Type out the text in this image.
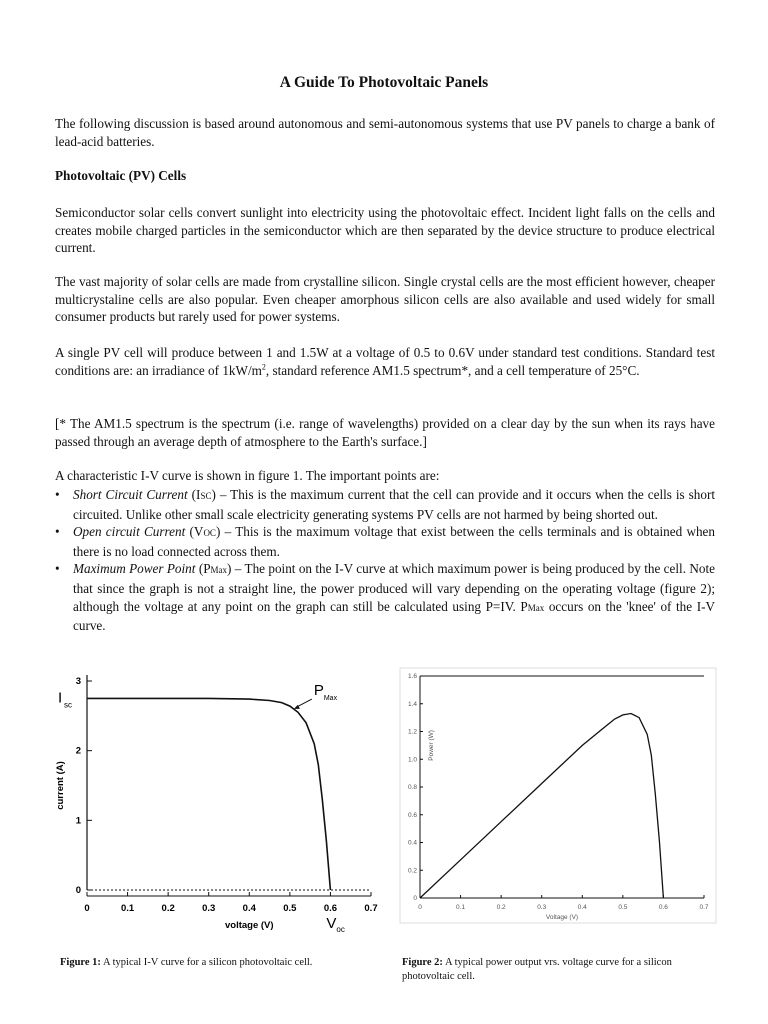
A Guide To Photovoltaic Panels

The following discussion is based around autonomous and semi-autonomous systems that use PV panels to charge a bank of lead-acid batteries.

Photovoltaic (PV) Cells

Semiconductor solar cells convert sunlight into electricity using the photovoltaic effect. Incident light falls on the cells and creates mobile charged particles in the semiconductor which are then separated by the device structure to produce electrical current.

The vast majority of solar cells are made from crystalline silicon. Single crystal cells are the most efficient however, cheaper multicrystaline cells are also popular. Even cheaper amorphous silicon cells are also available and used widely for small consumer products but rarely used for power systems.

A single PV cell will produce between 1 and 1.5W at a voltage of 0.5 to 0.6V under standard test conditions. Standard test conditions are: an irradiance of $1kW/m^2$, standard reference AM1.5 spectrum*, and a cell temperature of 25°C.

[* The AM1.5 spectrum is the spectrum (i.e. range of wavelengths) provided on a clear day by the sun when its rays have passed through an average depth of atmosphere to the Earth's surface.]

A characteristic I-V curve is shown in figure 1. The important points are:

• Short Circuit Current (ISC) – This is the maximum current that the cell can provide and it occurs when the cells is short circuited. Unlike other small scale electricity generating systems PV cells are not harmed by being shorted out.
• Open circuit Current (VOC) – This is the maximum voltage that exist between the cells terminals and is obtained when there is no load connected across them.
• Maximum Power Point (PMax) – The point on the I-V curve at which maximum power is being produced by the cell. Note that since the graph is not a straight line, the power produced will vary depending on the operating voltage (figure 2); although the voltage at any point on the graph can still be calculated using P=IV. PMax occurs on the 'knee' of the I-V curve.
0	0.1	0.2	0.3	0.4	0.5	0.6	0.7
0
1
2
3
current (A)
voltage (V)
I sc
V oc
P Max
0	0.1	0.2	0.3	0.4	0.5	0.6	0.7
0
0.2
0.4
0.6
0.8
1.0
1.2
1.4
1.6
Power (W)
Voltage (V)
Figure 1: A typical I-V curve for a silicon photovoltaic cell.	Figure 2: A typical power output vrs. voltage curve for a silicon photovoltaic cell.
